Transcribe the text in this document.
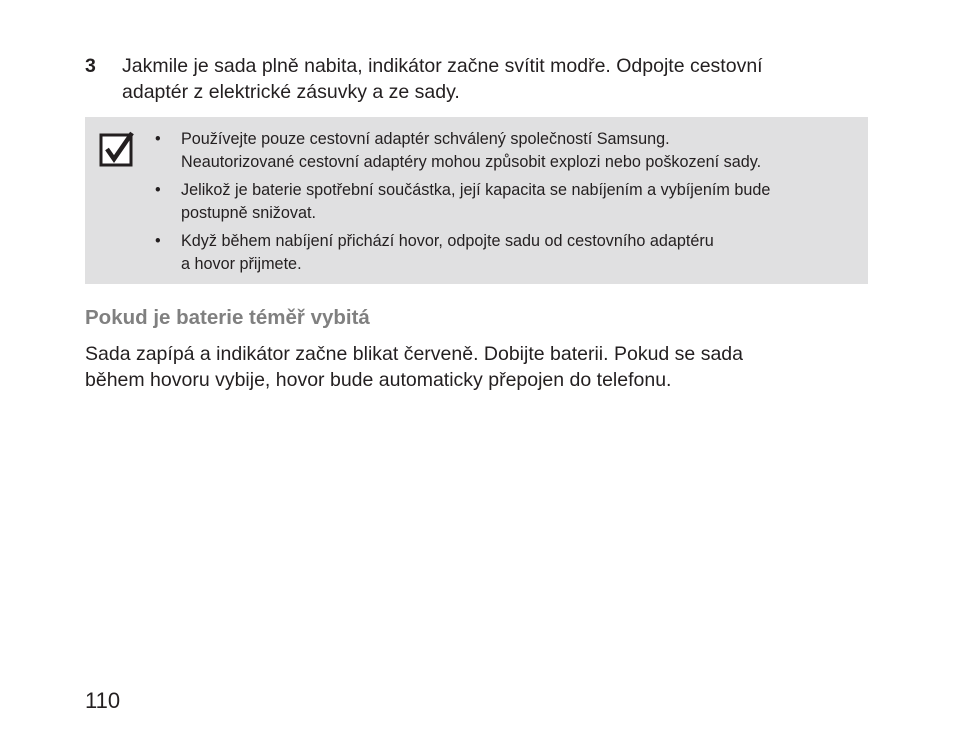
3 Jakmile je sada plně nabita, indikátor začne svítit modře. Odpojte cestovní
adaptér z elektrické zásuvky a ze sady.
• Používejte pouze cestovní adaptér schválený společností Samsung.
Neautorizované cestovní adaptéry mohou způsobit explozi nebo poškození sady.
• Jelikož je baterie spotřební součástka, její kapacita se nabíjením a vybíjením bude
postupně snižovat.
• Když během nabíjení přichází hovor, odpojte sadu od cestovního adaptéru
a hovor přijmete.
Pokud je baterie téměř vybitá

Sada zapípá a indikátor začne blikat červeně. Dobijte baterii. Pokud se sada
během hovoru vybije, hovor bude automaticky přepojen do telefonu.

110
